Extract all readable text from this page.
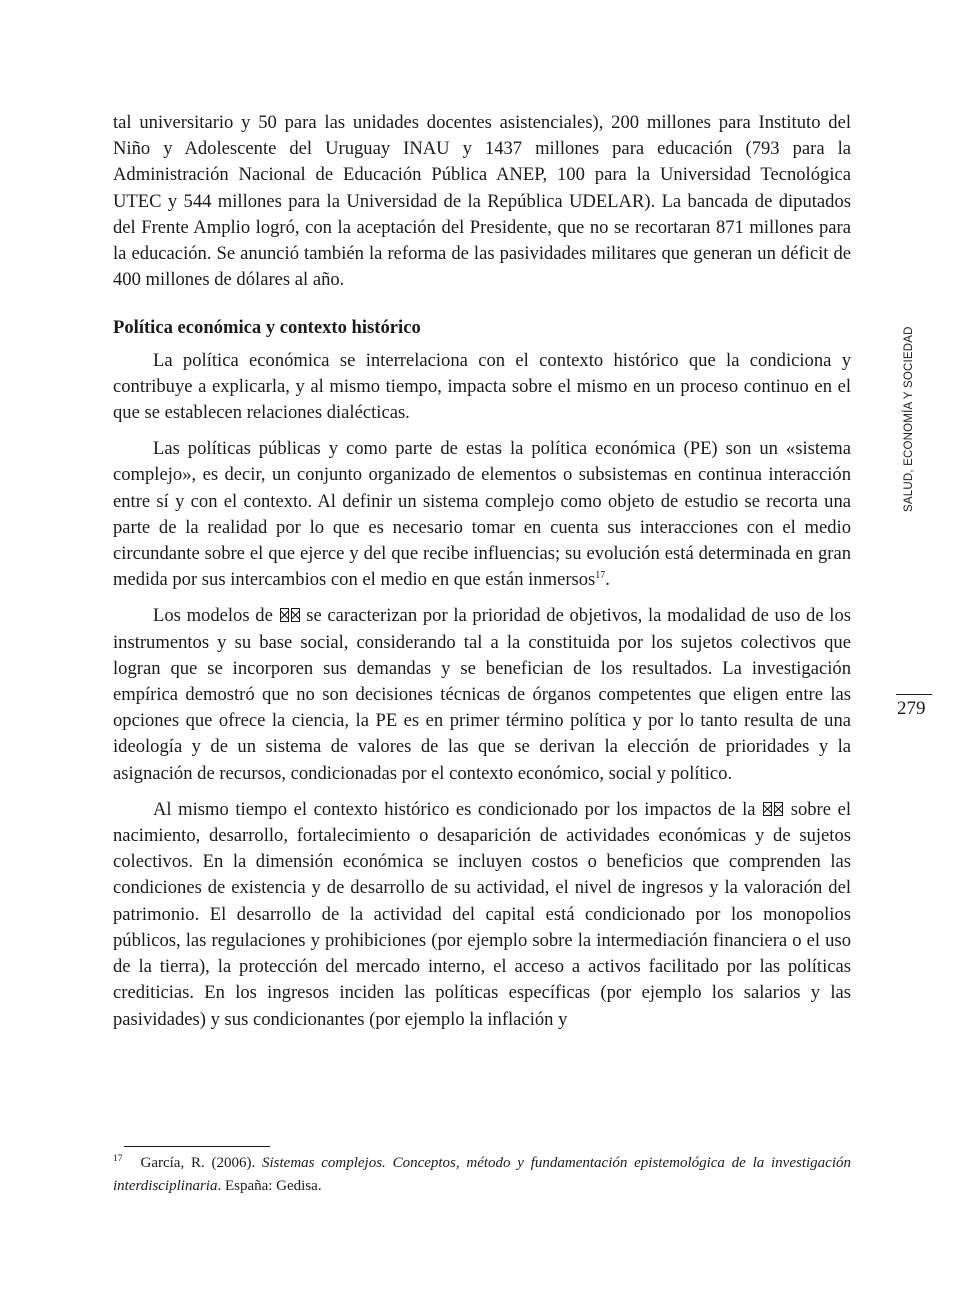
tal universitario y 50 para las unidades docentes asistenciales), 200 millones para Instituto del Niño y Adolescente del Uruguay INAU y 1437 millones para educación (793 para la Administración Nacional de Educación Pública ANEP, 100 para la Universidad Tecnológica UTEC y 544 millones para la Universidad de la República UDELAR). La bancada de diputados del Frente Amplio logró, con la aceptación del Presidente, que no se recortaran 871 millones para la educación. Se anunció también la reforma de las pasividades militares que generan un déficit de 400 millones de dólares al año.

Política económica y contexto histórico

La política económica se interrelaciona con el contexto histórico que la condiciona y contribuye a explicarla, y al mismo tiempo, impacta sobre el mismo en un proceso continuo en el que se establecen relaciones dialécticas.

Las políticas públicas y como parte de estas la política económica (PE) son un «sistema complejo», es decir, un conjunto organizado de elementos o subsistemas en continua interacción entre sí y con el contexto. Al definir un sistema complejo como objeto de estudio se recorta una parte de la realidad por lo que es necesario tomar en cuenta sus interacciones con el medio circundante sobre el que ejerce y del que recibe influencias; su evolución está determinada en gran medida por sus intercambios con el medio en que están inmersos$^{17}$.

Los modelos de  se caracterizan por la prioridad de objetivos, la modalidad de uso de los instrumentos y su base social, considerando tal a la constituida por los sujetos colectivos que logran que se incorporen sus demandas y se benefician de los resultados. La investigación empírica demostró que no son decisiones técnicas de órganos competentes que eligen entre las opciones que ofrece la ciencia, la PE es en primer término política y por lo tanto resulta de una ideología y de un sistema de valores de las que se derivan la elección de prioridades y la asignación de recursos, condicionadas por el contexto económico, social y político.

Al mismo tiempo el contexto histórico es condicionado por los impactos de la  sobre el nacimiento, desarrollo, fortalecimiento o desaparición de actividades económicas y de sujetos colectivos. En la dimensión económica se incluyen costos o beneficios que comprenden las condiciones de existencia y de desarrollo de su actividad, el nivel de ingresos y la valoración del patrimonio. El desarrollo de la actividad del capital está condicionado por los monopolios públicos, las regulaciones y prohibiciones (por ejemplo sobre la intermediación financiera o el uso de la tierra), la protección del mercado interno, el acceso a activos facilitado por las políticas crediticias. En los ingresos inciden las políticas específicas (por ejemplo los salarios y las pasividades) y sus condicionantes (por ejemplo la inflación y

SALUD, ECONOMÍA Y SOCIEDAD
279
$^{17}$ García, R. (2006). Sistemas complejos. Conceptos, método y fundamentación epistemológica de la investigación interdisciplinaria. España: Gedisa.
